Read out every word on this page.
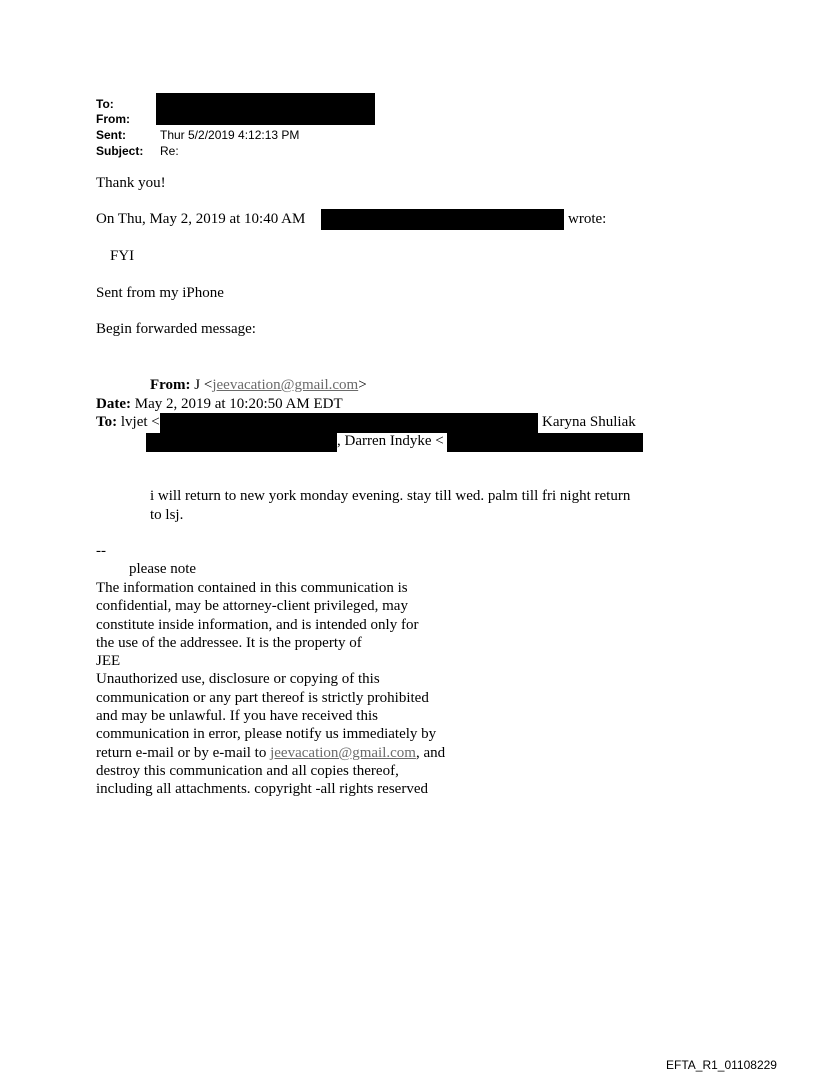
To:
From:
Sent:	Thur 5/2/2019 4:12:13 PM
Subject: Re:
Thank you!
On Thu, May 2, 2019 at 10:40 AM	wrote:
FYI
Sent from my iPhone
Begin forwarded message:
From: J <jeevacation@gmail.com>
Date: May 2, 2019 at 10:20:50 AM EDT
To: lvjet <	Karyna Shuliak
, Darren Indyke <
i will return to new york monday evening. stay till wed. palm till fri night return
to lsj.
--
please note
The information contained in this communication is
confidential, may be attorney-client privileged, may
constitute inside information, and is intended only for
the use of the addressee. It is the property of
JEE
Unauthorized use, disclosure or copying of this
communication or any part thereof is strictly prohibited
and may be unlawful. If you have received this
communication in error, please notify us immediately by
return e-mail or by e-mail to jeevacation@gmail.com, and
destroy this communication and all copies thereof,
including all attachments. copyright -all rights reserved
EFTA_R1_01108229
